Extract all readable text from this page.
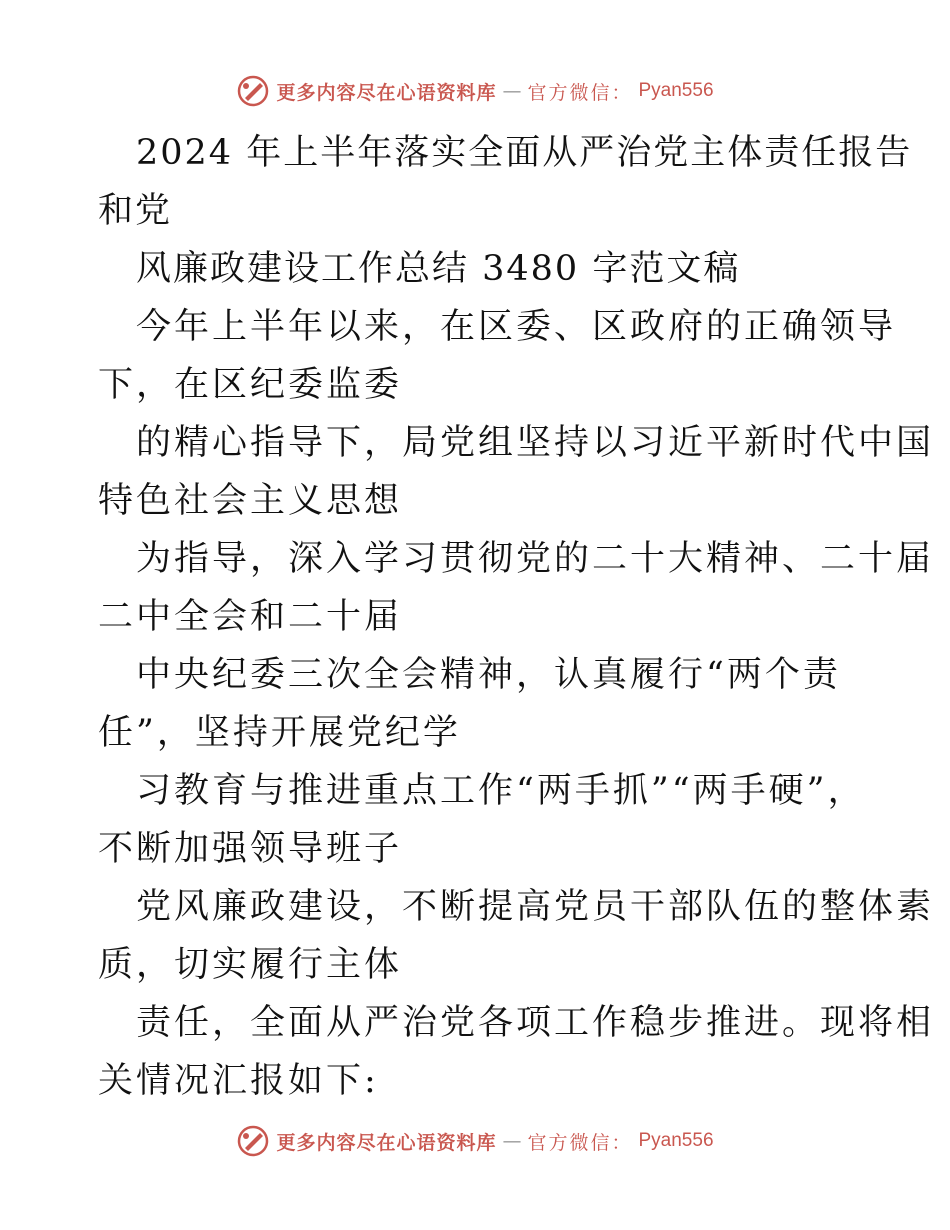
更多内容尽在心语资料库 — 官方微信： Pyan556
2024 年上半年落实全面从严治党主体责任报告
和党
风廉政建设工作总结 3480 字范文稿
今年上半年以来，在区委、区政府的正确领导
下，在区纪委监委
的精心指导下，局党组坚持以习近平新时代中国
特色社会主义思想
为指导，深入学习贯彻党的二十大精神、二十届
二中全会和二十届
中央纪委三次全会精神，认真履行“两个责
任”，坚持开展党纪学
习教育与推进重点工作“两手抓”“两手硬”，
不断加强领导班子
党风廉政建设，不断提高党员干部队伍的整体素
质，切实履行主体
责任，全面从严治党各项工作稳步推进。现将相
关情况汇报如下:
更多内容尽在心语资料库 — 官方微信： Pyan556
